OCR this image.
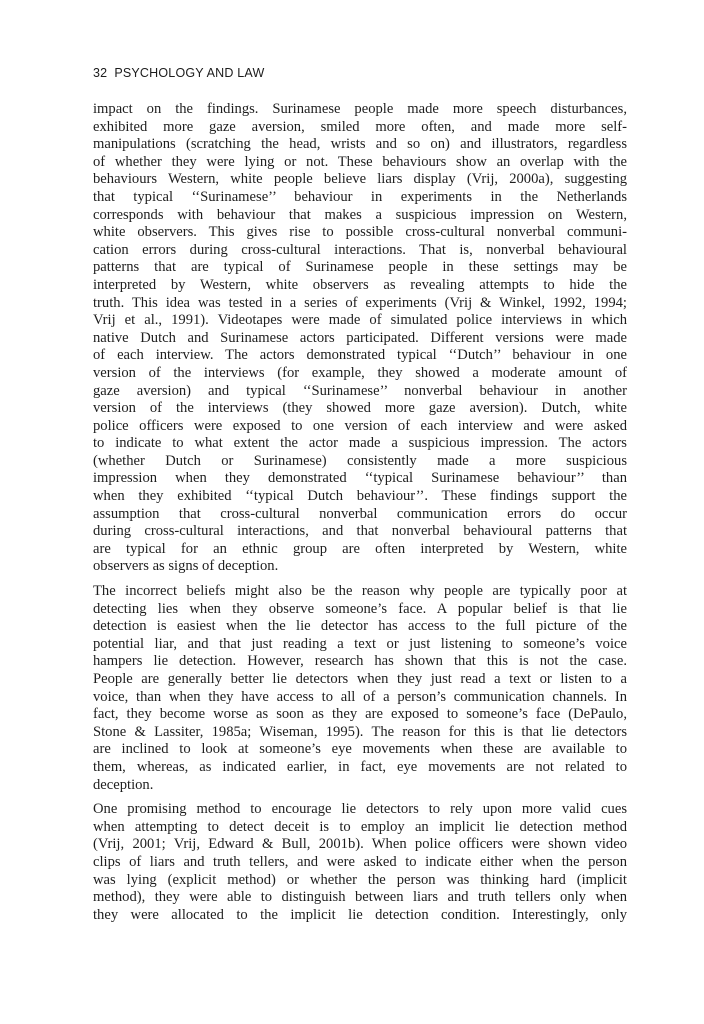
32 PSYCHOLOGY AND LAW
impact on the findings. Surinamese people made more speech disturbances,
exhibited more gaze aversion, smiled more often, and made more self-
manipulations (scratching the head, wrists and so on) and illustrators, regardless
of whether they were lying or not. These behaviours show an overlap with the
behaviours Western, white people believe liars display (Vrij, 2000a), suggesting
that typical ‘‘Surinamese’’ behaviour in experiments in the Netherlands
corresponds with behaviour that makes a suspicious impression on Western,
white observers. This gives rise to possible cross-cultural nonverbal communi-
cation errors during cross-cultural interactions. That is, nonverbal behavioural
patterns that are typical of Surinamese people in these settings may be
interpreted by Western, white observers as revealing attempts to hide the
truth. This idea was tested in a series of experiments (Vrij & Winkel, 1992, 1994;
Vrij et al., 1991). Videotapes were made of simulated police interviews in which
native Dutch and Surinamese actors participated. Different versions were made
of each interview. The actors demonstrated typical ‘‘Dutch’’ behaviour in one
version of the interviews (for example, they showed a moderate amount of
gaze aversion) and typical ‘‘Surinamese’’ nonverbal behaviour in another
version of the interviews (they showed more gaze aversion). Dutch, white
police officers were exposed to one version of each interview and were asked
to indicate to what extent the actor made a suspicious impression. The actors
(whether Dutch or Surinamese) consistently made a more suspicious
impression when they demonstrated ‘‘typical Surinamese behaviour’’ than
when they exhibited ‘‘typical Dutch behaviour’’. These findings support the
assumption that cross-cultural nonverbal communication errors do occur
during cross-cultural interactions, and that nonverbal behavioural patterns that
are typical for an ethnic group are often interpreted by Western, white
observers as signs of deception.
The incorrect beliefs might also be the reason why people are typically poor at
detecting lies when they observe someone’s face. A popular belief is that lie
detection is easiest when the lie detector has access to the full picture of the
potential liar, and that just reading a text or just listening to someone’s voice
hampers lie detection. However, research has shown that this is not the case.
People are generally better lie detectors when they just read a text or listen to a
voice, than when they have access to all of a person’s communication channels. In
fact, they become worse as soon as they are exposed to someone’s face (DePaulo,
Stone & Lassiter, 1985a; Wiseman, 1995). The reason for this is that lie detectors
are inclined to look at someone’s eye movements when these are available to
them, whereas, as indicated earlier, in fact, eye movements are not related to
deception.
One promising method to encourage lie detectors to rely upon more valid cues
when attempting to detect deceit is to employ an implicit lie detection method
(Vrij, 2001; Vrij, Edward & Bull, 2001b). When police officers were shown video
clips of liars and truth tellers, and were asked to indicate either when the person
was lying (explicit method) or whether the person was thinking hard (implicit
method), they were able to distinguish between liars and truth tellers only when
they were allocated to the implicit lie detection condition. Interestingly, only
